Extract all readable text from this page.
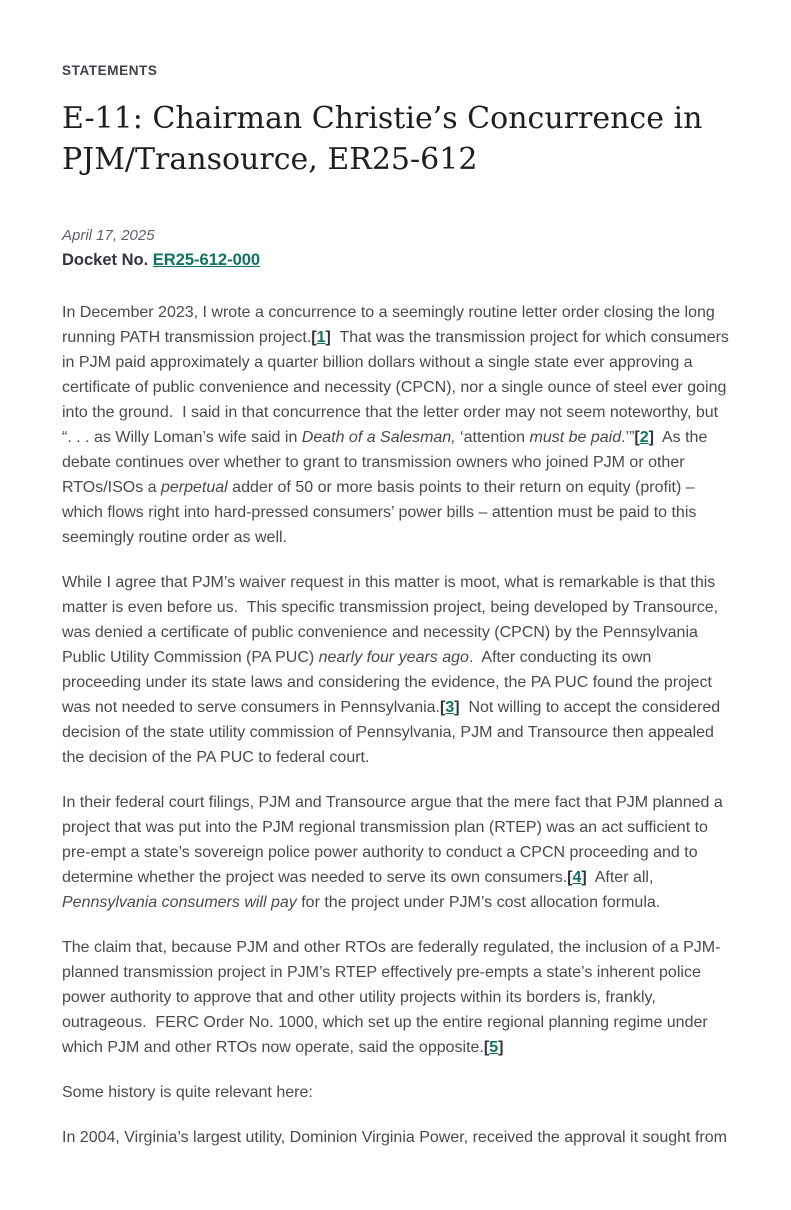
STATEMENTS
E-11: Chairman Christie’s Concurrence in PJM/Transource, ER25-612

April 17, 2025

Docket No. ER25-612-000

In December 2023, I wrote a concurrence to a seemingly routine letter order closing the long running PATH transmission project.[1]  That was the transmission project for which consumers in PJM paid approximately a quarter billion dollars without a single state ever approving a certificate of public convenience and necessity (CPCN), nor a single ounce of steel ever going into the ground.  I said in that concurrence that the letter order may not seem noteworthy, but “. . . as Willy Loman’s wife said in Death of a Salesman, ‘attention must be paid.’”[2]  As the debate continues over whether to grant to transmission owners who joined PJM or other RTOs/ISOs a perpetual adder of 50 or more basis points to their return on equity (profit) – which flows right into hard-pressed consumers’ power bills – attention must be paid to this seemingly routine order as well.

While I agree that PJM’s waiver request in this matter is moot, what is remarkable is that this matter is even before us.  This specific transmission project, being developed by Transource, was denied a certificate of public convenience and necessity (CPCN) by the Pennsylvania Public Utility Commission (PA PUC) nearly four years ago.  After conducting its own proceeding under its state laws and considering the evidence, the PA PUC found the project was not needed to serve consumers in Pennsylvania.[3]  Not willing to accept the considered decision of the state utility commission of Pennsylvania, PJM and Transource then appealed the decision of the PA PUC to federal court.

In their federal court filings, PJM and Transource argue that the mere fact that PJM planned a project that was put into the PJM regional transmission plan (RTEP) was an act sufficient to pre-empt a state’s sovereign police power authority to conduct a CPCN proceeding and to determine whether the project was needed to serve its own consumers.[4]  After all, Pennsylvania consumers will pay for the project under PJM’s cost allocation formula.

The claim that, because PJM and other RTOs are federally regulated, the inclusion of a PJM-planned transmission project in PJM’s RTEP effectively pre-empts a state’s inherent police power authority to approve that and other utility projects within its borders is, frankly, outrageous.  FERC Order No. 1000, which set up the entire regional planning regime under which PJM and other RTOs now operate, said the opposite.[5]

Some history is quite relevant here:

In 2004, Virginia’s largest utility, Dominion Virginia Power, received the approval it sought from
